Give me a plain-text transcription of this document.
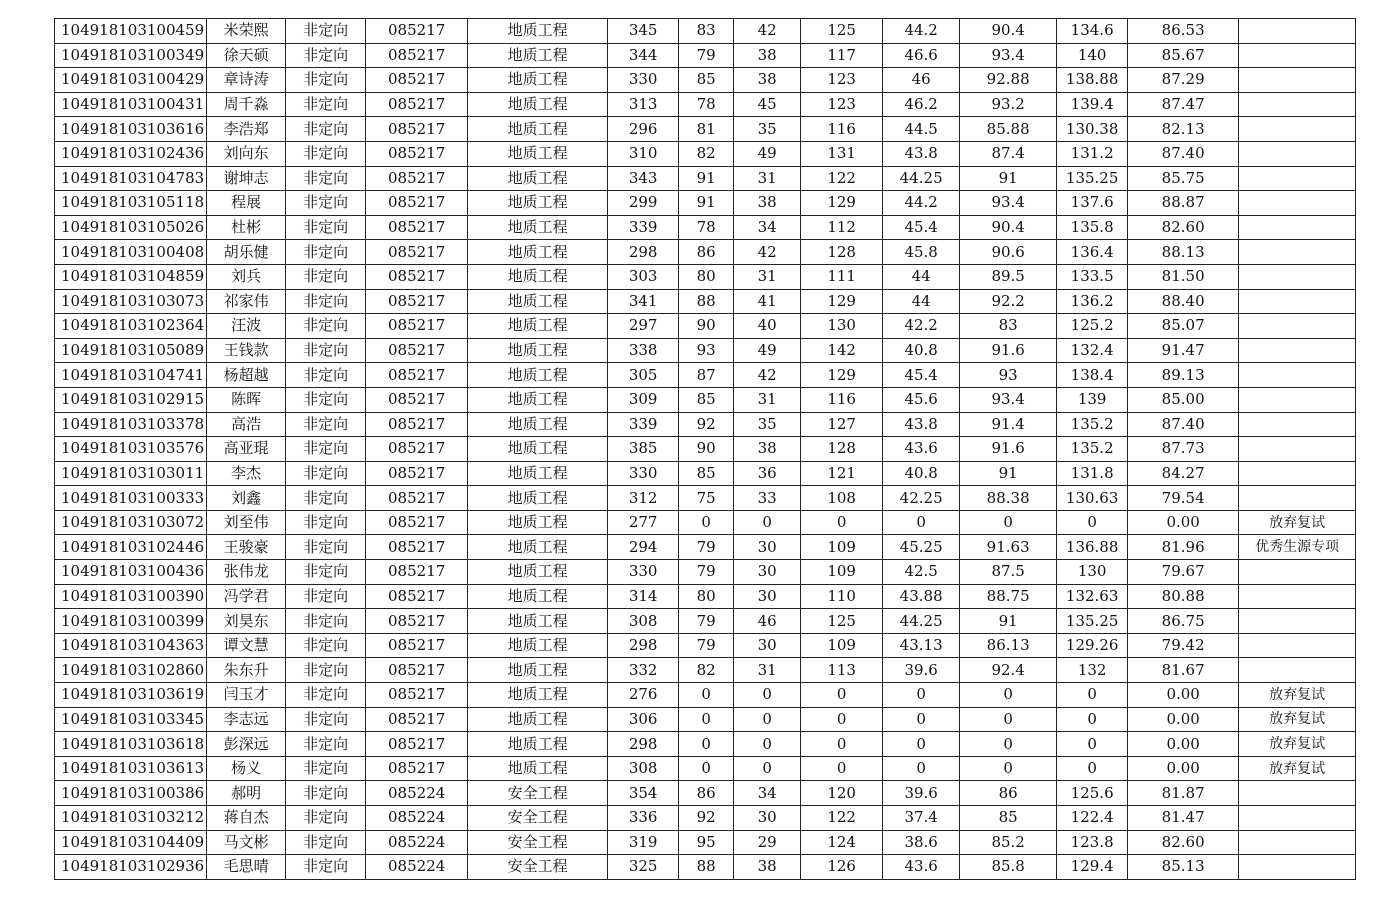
104918103100459	米荣熙	非定向	085217	地质工程	345	83	42	125	44.2	90.4	134.6	86.53	
104918103100349	徐天硕	非定向	085217	地质工程	344	79	38	117	46.6	93.4	140	85.67	
104918103100429	章诗涛	非定向	085217	地质工程	330	85	38	123	46	92.88	138.88	87.29	
104918103100431	周千淼	非定向	085217	地质工程	313	78	45	123	46.2	93.2	139.4	87.47	
104918103103616	李浩郑	非定向	085217	地质工程	296	81	35	116	44.5	85.88	130.38	82.13	
104918103102436	刘向东	非定向	085217	地质工程	310	82	49	131	43.8	87.4	131.2	87.40	
104918103104783	谢坤志	非定向	085217	地质工程	343	91	31	122	44.25	91	135.25	85.75	
104918103105118	程展	非定向	085217	地质工程	299	91	38	129	44.2	93.4	137.6	88.87	
104918103105026	杜彬	非定向	085217	地质工程	339	78	34	112	45.4	90.4	135.8	82.60	
104918103100408	胡乐健	非定向	085217	地质工程	298	86	42	128	45.8	90.6	136.4	88.13	
104918103104859	刘兵	非定向	085217	地质工程	303	80	31	111	44	89.5	133.5	81.50	
104918103103073	祁家伟	非定向	085217	地质工程	341	88	41	129	44	92.2	136.2	88.40	
104918103102364	汪波	非定向	085217	地质工程	297	90	40	130	42.2	83	125.2	85.07	
104918103105089	王钱款	非定向	085217	地质工程	338	93	49	142	40.8	91.6	132.4	91.47	
104918103104741	杨超越	非定向	085217	地质工程	305	87	42	129	45.4	93	138.4	89.13	
104918103102915	陈晖	非定向	085217	地质工程	309	85	31	116	45.6	93.4	139	85.00	
104918103103378	高浩	非定向	085217	地质工程	339	92	35	127	43.8	91.4	135.2	87.40	
104918103103576	高亚琨	非定向	085217	地质工程	385	90	38	128	43.6	91.6	135.2	87.73	
104918103103011	李杰	非定向	085217	地质工程	330	85	36	121	40.8	91	131.8	84.27	
104918103100333	刘鑫	非定向	085217	地质工程	312	75	33	108	42.25	88.38	130.63	79.54	
104918103103072	刘至伟	非定向	085217	地质工程	277	0	0	0	0	0	0	0.00	放弃复试
104918103102446	王骏豪	非定向	085217	地质工程	294	79	30	109	45.25	91.63	136.88	81.96	优秀生源专项
104918103100436	张伟龙	非定向	085217	地质工程	330	79	30	109	42.5	87.5	130	79.67	
104918103100390	冯学君	非定向	085217	地质工程	314	80	30	110	43.88	88.75	132.63	80.88	
104918103100399	刘昊东	非定向	085217	地质工程	308	79	46	125	44.25	91	135.25	86.75	
104918103104363	谭文慧	非定向	085217	地质工程	298	79	30	109	43.13	86.13	129.26	79.42	
104918103102860	朱东升	非定向	085217	地质工程	332	82	31	113	39.6	92.4	132	81.67	
104918103103619	闫玉才	非定向	085217	地质工程	276	0	0	0	0	0	0	0.00	放弃复试
104918103103345	李志远	非定向	085217	地质工程	306	0	0	0	0	0	0	0.00	放弃复试
104918103103618	彭深远	非定向	085217	地质工程	298	0	0	0	0	0	0	0.00	放弃复试
104918103103613	杨义	非定向	085217	地质工程	308	0	0	0	0	0	0	0.00	放弃复试
104918103100386	郝明	非定向	085224	安全工程	354	86	34	120	39.6	86	125.6	81.87	
104918103103212	蒋自杰	非定向	085224	安全工程	336	92	30	122	37.4	85	122.4	81.47	
104918103104409	马文彬	非定向	085224	安全工程	319	95	29	124	38.6	85.2	123.8	82.60	
104918103102936	毛思晴	非定向	085224	安全工程	325	88	38	126	43.6	85.8	129.4	85.13	
